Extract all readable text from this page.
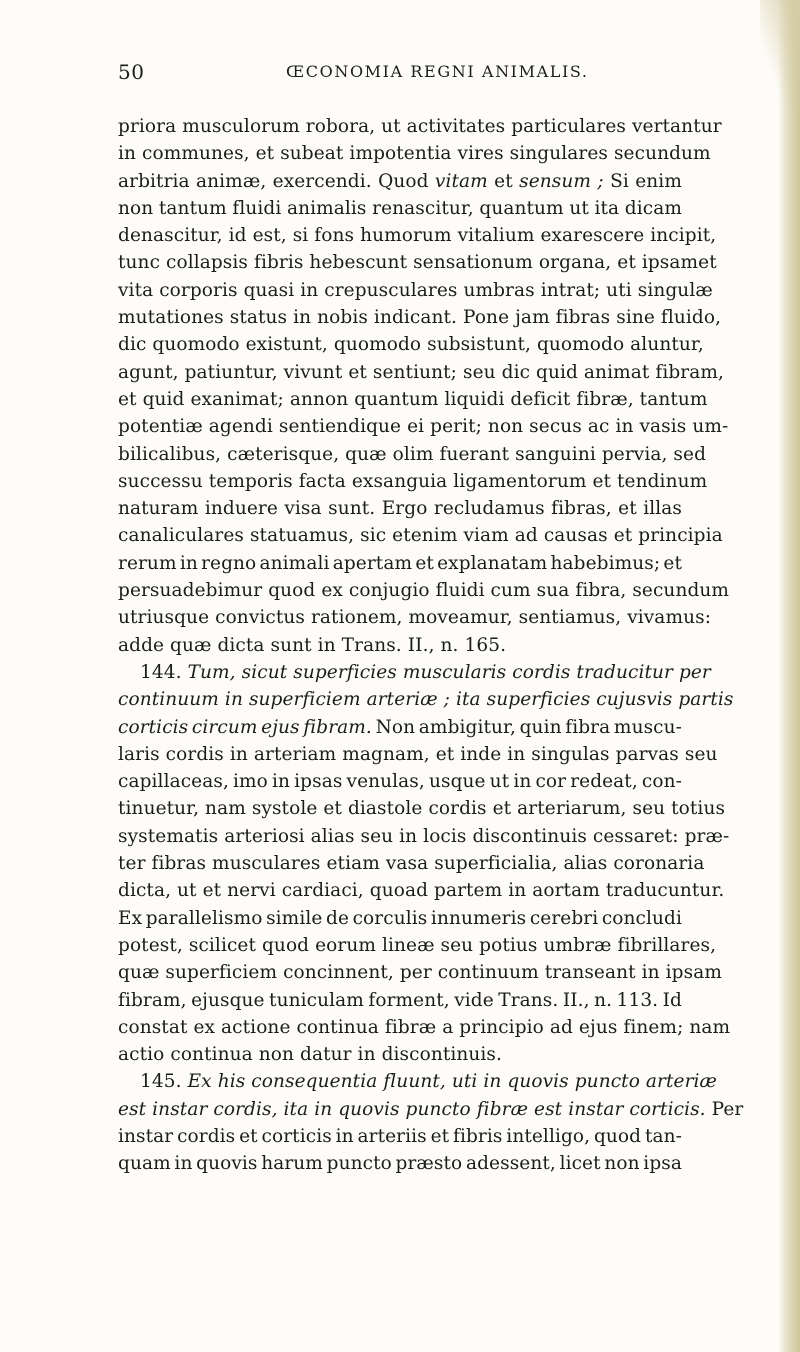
50	ŒCONOMIA REGNI ANIMALIS.
priora musculorum robora, ut activitates particulares vertantur
in communes, et subeat impotentia vires singulares secundum
arbitria animæ, exercendi. Quod vitam et sensum ; Si enim
non tantum fluidi animalis renascitur, quantum ut ita dicam
denascitur, id est, si fons humorum vitalium exarescere incipit,
tunc collapsis fibris hebescunt sensationum organa, et ipsamet
vita corporis quasi in crepusculares umbras intrat; uti singulæ
mutationes status in nobis indicant. Pone jam fibras sine fluido,
dic quomodo existunt, quomodo subsistunt, quomodo aluntur,
agunt, patiuntur, vivunt et sentiunt; seu dic quid animat fibram,
et quid exanimat; annon quantum liquidi deficit fibræ, tantum
potentiæ agendi sentiendique ei perit; non secus ac in vasis um-
bilicalibus, cæterisque, quæ olim fuerant sanguini pervia, sed
successu temporis facta exsanguia ligamentorum et tendinum
naturam induere visa sunt. Ergo recludamus fibras, et illas
canaliculares statuamus, sic etenim viam ad causas et principia
rerum in regno animali apertam et explanatam habebimus; et
persuadebimur quod ex conjugio fluidi cum sua fibra, secundum
utriusque convictus rationem, moveamur, sentiamus, vivamus:
adde quæ dicta sunt in Trans. II., n. 165.
144. Tum, sicut superficies muscularis cordis traducitur per
continuum in superficiem arteriæ ; ita superficies cujusvis partis
corticis circum ejus fibram. Non ambigitur, quin fibra muscu-
laris cordis in arteriam magnam, et inde in singulas parvas seu
capillaceas, imo in ipsas venulas, usque ut in cor redeat, con-
tinuetur, nam systole et diastole cordis et arteriarum, seu totius
systematis arteriosi alias seu in locis discontinuis cessaret: præ-
ter fibras musculares etiam vasa superficialia, alias coronaria
dicta, ut et nervi cardiaci, quoad partem in aortam traducuntur.
Ex parallelismo simile de corculis innumeris cerebri concludi
potest, scilicet quod eorum lineæ seu potius umbræ fibrillares,
quæ superficiem concinnent, per continuum transeant in ipsam
fibram, ejusque tuniculam forment, vide Trans. II., n. 113. Id
constat ex actione continua fibræ a principio ad ejus finem; nam
actio continua non datur in discontinuis.
145. Ex his consequentia fluunt, uti in quovis puncto arteriæ
est instar cordis, ita in quovis puncto fibræ est instar corticis. Per
instar cordis et corticis in arteriis et fibris intelligo, quod tan-
quam in quovis harum puncto præsto adessent, licet non ipsa
